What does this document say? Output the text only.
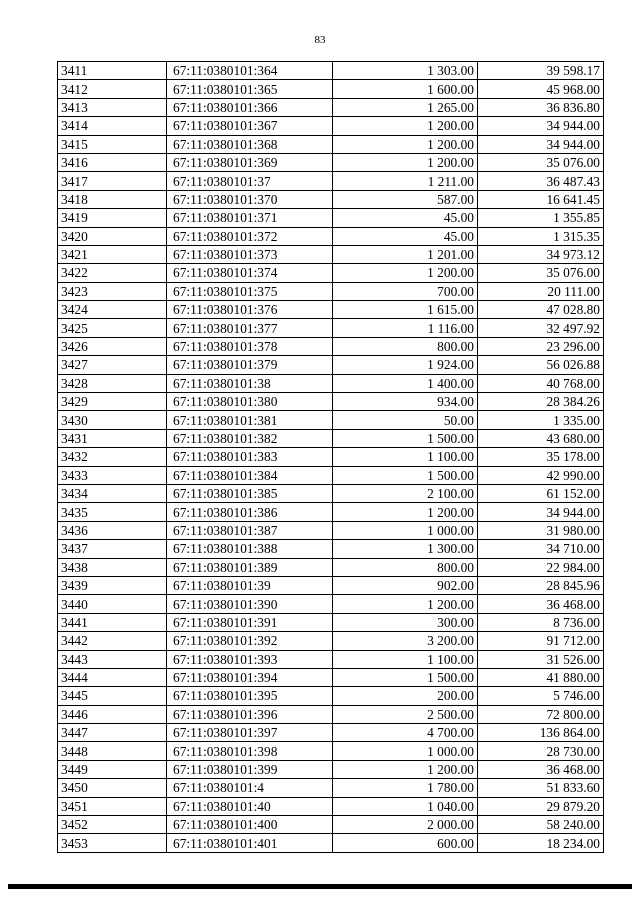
83
3411	67:11:0380101:364	1 303.00	39 598.17
3412	67:11:0380101:365	1 600.00	45 968.00
3413	67:11:0380101:366	1 265.00	36 836.80
3414	67:11:0380101:367	1 200.00	34 944.00
3415	67:11:0380101:368	1 200.00	34 944.00
3416	67:11:0380101:369	1 200.00	35 076.00
3417	67:11:0380101:37	1 211.00	36 487.43
3418	67:11:0380101:370	587.00	16 641.45
3419	67:11:0380101:371	45.00	1 355.85
3420	67:11:0380101:372	45.00	1 315.35
3421	67:11:0380101:373	1 201.00	34 973.12
3422	67:11:0380101:374	1 200.00	35 076.00
3423	67:11:0380101:375	700.00	20 111.00
3424	67:11:0380101:376	1 615.00	47 028.80
3425	67:11:0380101:377	1 116.00	32 497.92
3426	67:11:0380101:378	800.00	23 296.00
3427	67:11:0380101:379	1 924.00	56 026.88
3428	67:11:0380101:38	1 400.00	40 768.00
3429	67:11:0380101:380	934.00	28 384.26
3430	67:11:0380101:381	50.00	1 335.00
3431	67:11:0380101:382	1 500.00	43 680.00
3432	67:11:0380101:383	1 100.00	35 178.00
3433	67:11:0380101:384	1 500.00	42 990.00
3434	67:11:0380101:385	2 100.00	61 152.00
3435	67:11:0380101:386	1 200.00	34 944.00
3436	67:11:0380101:387	1 000.00	31 980.00
3437	67:11:0380101:388	1 300.00	34 710.00
3438	67:11:0380101:389	800.00	22 984.00
3439	67:11:0380101:39	902.00	28 845.96
3440	67:11:0380101:390	1 200.00	36 468.00
3441	67:11:0380101:391	300.00	8 736.00
3442	67:11:0380101:392	3 200.00	91 712.00
3443	67:11:0380101:393	1 100.00	31 526.00
3444	67:11:0380101:394	1 500.00	41 880.00
3445	67:11:0380101:395	200.00	5 746.00
3446	67:11:0380101:396	2 500.00	72 800.00
3447	67:11:0380101:397	4 700.00	136 864.00
3448	67:11:0380101:398	1 000.00	28 730.00
3449	67:11:0380101:399	1 200.00	36 468.00
3450	67:11:0380101:4	1 780.00	51 833.60
3451	67:11:0380101:40	1 040.00	29 879.20
3452	67:11:0380101:400	2 000.00	58 240.00
3453	67:11:0380101:401	600.00	18 234.00
